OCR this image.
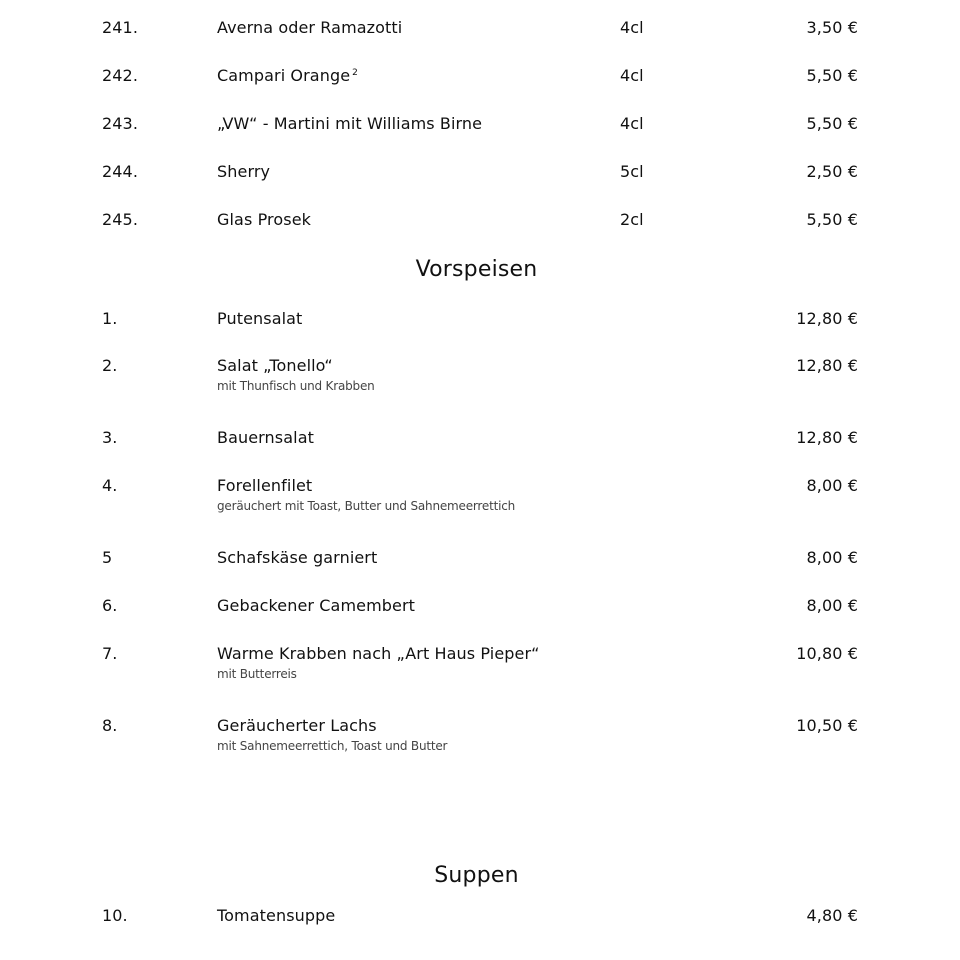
241.	Averna oder Ramazotti	4cl	3,50 €
242.	Campari Orange $^2$	4cl	5,50 €
243.	„VW“ - Martini mit Williams Birne	4cl	5,50 €
244.	Sherry	5cl	2,50 €
245.	Glas Prosek	2cl	5,50 €
Vorspeisen
1.	Putensalat	12,80 €
2.	Salat „Tonello“	12,80 €
mit Thunfisch und Krabben
3.	Bauernsalat	12,80 €
4.	Forellenfilet	8,00 €
geräuchert mit Toast, Butter und Sahnemeerrettich
5	Schafskäse garniert	8,00 €
6.	Gebackener Camembert	8,00 €
7.	Warme Krabben nach „Art Haus Pieper“	10,80 €
mit Butterreis
8.	Geräucherter Lachs	10,50 €
mit Sahnemeerrettich, Toast und Butter
Suppen
10.	Tomatensuppe	4,80 €
